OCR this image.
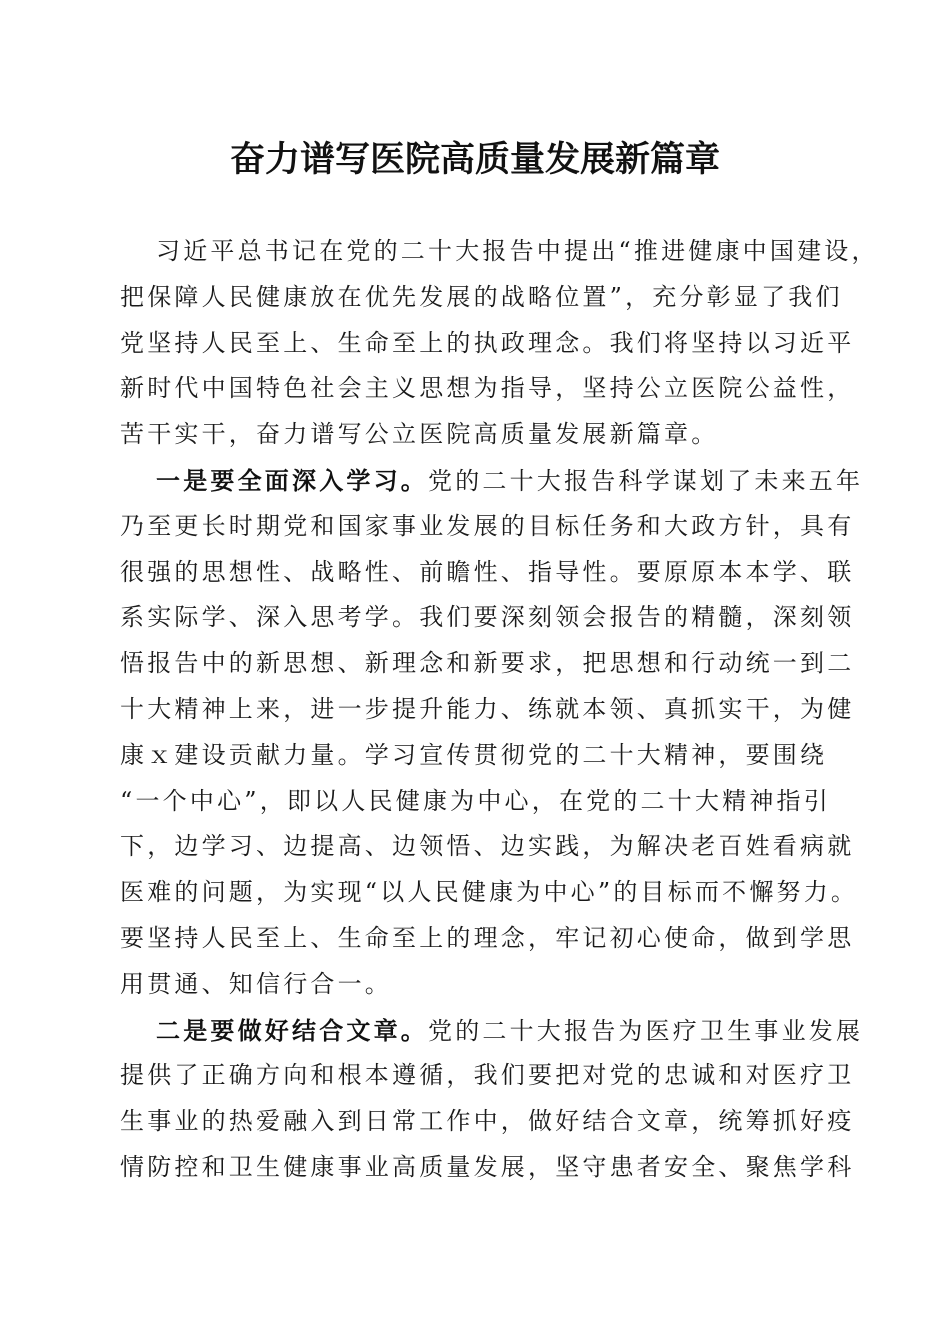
奋力谱写医院高质量发展新篇章
习近平总书记在党的二十大报告中提出“推进健康中国建设，
把保障人民健康放在优先发展的战略位置”，充分彰显了我们
党坚持人民至上、生命至上的执政理念。我们将坚持以习近平
新时代中国特色社会主义思想为指导，坚持公立医院公益性，
苦干实干，奋力谱写公立医院高质量发展新篇章。
一是要全面深入学习。党的二十大报告科学谋划了未来五年
乃至更长时期党和国家事业发展的目标任务和大政方针，具有
很强的思想性、战略性、前瞻性、指导性。要原原本本学、联
系实际学、深入思考学。我们要深刻领会报告的精髓，深刻领
悟报告中的新思想、新理念和新要求，把思想和行动统一到二
十大精神上来，进一步提升能力、练就本领、真抓实干，为健
康ｘ建设贡献力量。学习宣传贯彻党的二十大精神，要围绕
“一个中心”，即以人民健康为中心，在党的二十大精神指引
下，边学习、边提高、边领悟、边实践，为解决老百姓看病就
医难的问题，为实现“以人民健康为中心”的目标而不懈努力。
要坚持人民至上、生命至上的理念，牢记初心使命，做到学思
用贯通、知信行合一。
二是要做好结合文章。党的二十大报告为医疗卫生事业发展
提供了正确方向和根本遵循，我们要把对党的忠诚和对医疗卫
生事业的热爱融入到日常工作中，做好结合文章，统筹抓好疫
情防控和卫生健康事业高质量发展，坚守患者安全、聚焦学科
